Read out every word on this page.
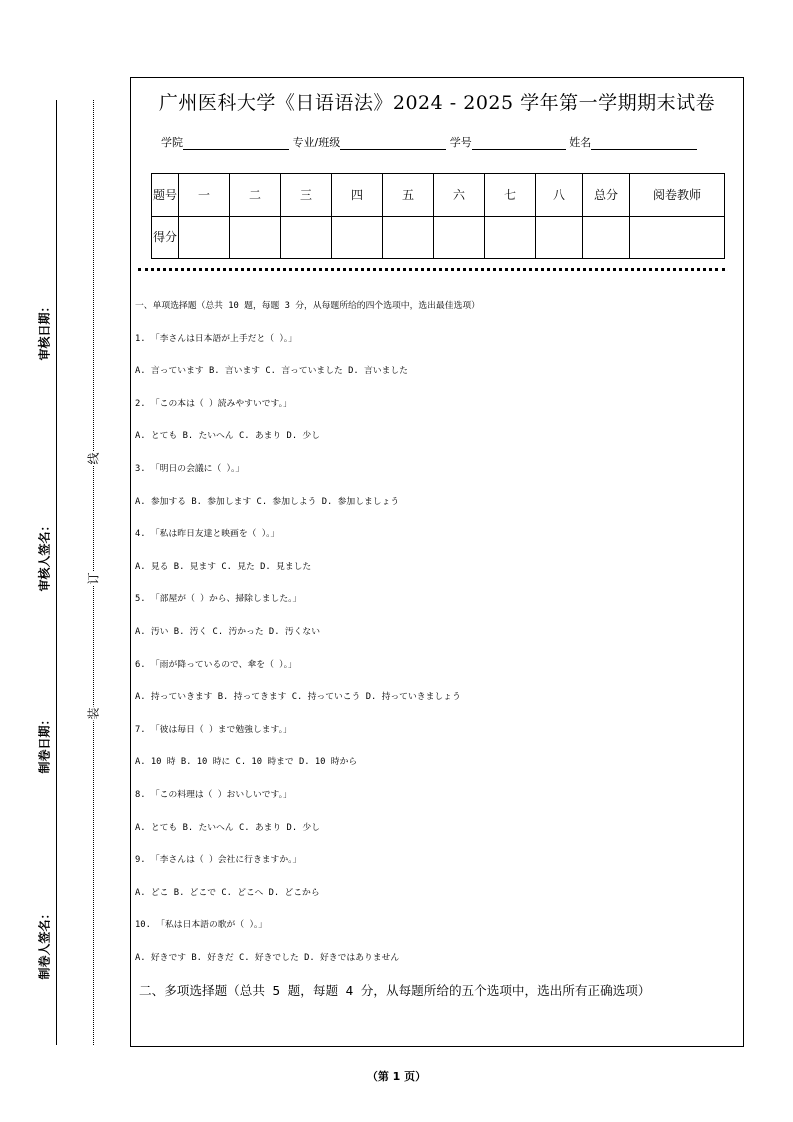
审核日期：
审核人签名：
制卷日期：
制卷人签名：
线
订
装
广州医科大学《日语语法》2024 - 2025 学年第一学期期末试卷
学院	专业/班级	学号	姓名
题号	一	二	三	四	五	六	七	八	总分	阅卷教师
得分										
一、单项选择题（总共 10 题，每题 3 分，从每题所给的四个选项中，选出最佳选项）
1. 「李さんは日本語が上手だと（ ）。」
A. 言っています B. 言います C. 言っていました D. 言いました
2. 「この本は（ ）読みやすいです。」
A. とても B. たいへん C. あまり D. 少し
3. 「明日の会議に（ ）。」
A. 参加する B. 参加します C. 参加しよう D. 参加しましょう
4. 「私は昨日友達と映画を（ ）。」
A. 見る B. 見ます C. 見た D. 見ました
5. 「部屋が（ ）から、掃除しました。」
A. 汚い B. 汚く C. 汚かった D. 汚くない
6. 「雨が降っているので、傘を（ ）。」
A. 持っていきます B. 持ってきます C. 持っていこう D. 持っていきましょう
7. 「彼は毎日（ ）まで勉強します。」
A. 10 時 B. 10 時に C. 10 時まで D. 10 時から
8. 「この料理は（ ）おいしいです。」
A. とても B. たいへん C. あまり D. 少し
9. 「李さんは（ ）会社に行きますか。」
A. どこ B. どこで C. どこへ D. どこから
10. 「私は日本語の歌が（ ）。」
A. 好きです B. 好きだ C. 好きでした D. 好きではありません
二、多项选择题（总共 5 题，每题 4 分，从每题所给的五个选项中，选出所有正确选项）
（第 1 页）
